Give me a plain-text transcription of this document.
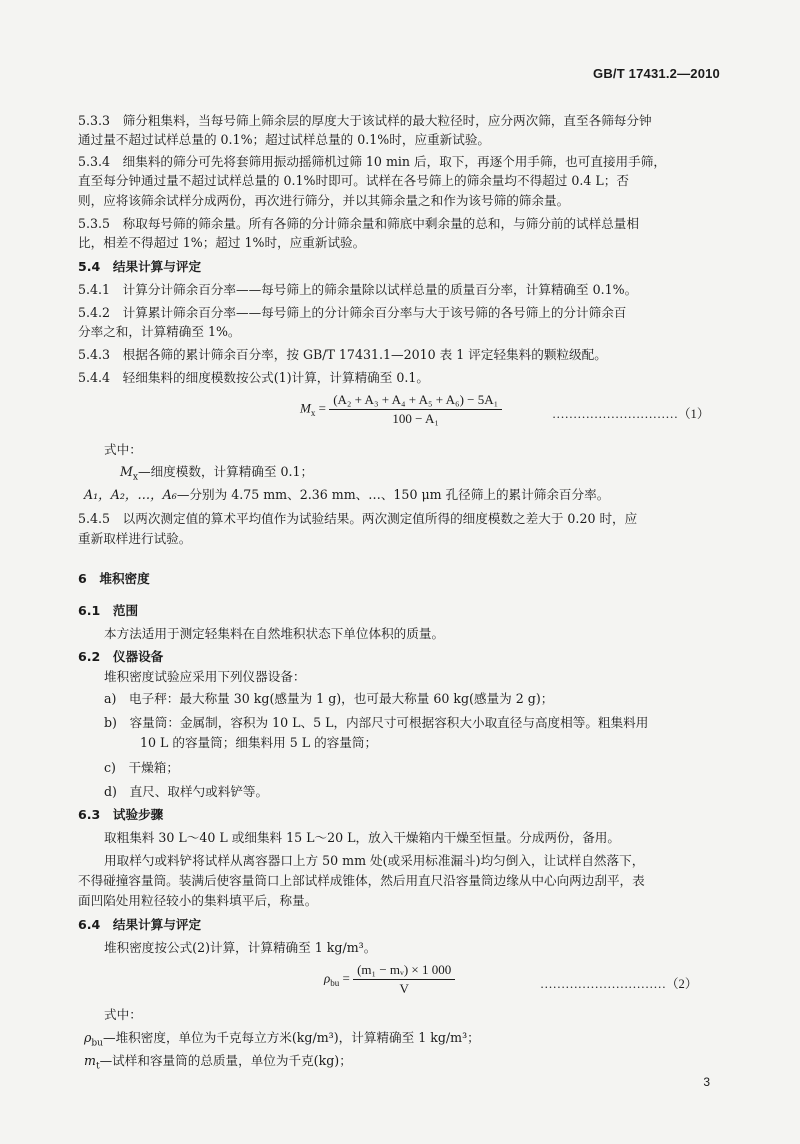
GB/T 17431.2—2010
5.3.3　筛分粗集料，当每号筛上筛余层的厚度大于该试样的最大粒径时，应分两次筛，直至各筛每分钟
通过量不超过试样总量的 0.1%；超过试样总量的 0.1%时，应重新试验。
5.3.4　细集料的筛分可先将套筛用振动摇筛机过筛 10 min 后，取下，再逐个用手筛，也可直接用手筛，
直至每分钟通过量不超过试样总量的 0.1%时即可。试样在各号筛上的筛余量均不得超过 0.4 L；否
则，应将该筛余试样分成两份，再次进行筛分，并以其筛余量之和作为该号筛的筛余量。
5.3.5　称取每号筛的筛余量。所有各筛的分计筛余量和筛底中剩余量的总和，与筛分前的试样总量相
比，相差不得超过 1%；超过 1%时，应重新试验。
5.4　结果计算与评定
5.4.1　计算分计筛余百分率——每号筛上的筛余量除以试样总量的质量百分率，计算精确至 0.1%。
5.4.2　计算累计筛余百分率——每号筛上的分计筛余百分率与大于该号筛的各号筛上的分计筛余百
分率之和，计算精确至 1%。
5.4.3　根据各筛的累计筛余百分率，按 GB/T 17431.1—2010 表 1 评定轻集料的颗粒级配。
5.4.4　轻细集料的细度模数按公式(1)计算，计算精确至 0.1。
$M_x = \frac{\text{(A₂ + A₃ + A₄ + A₅ + A₆) − 5A₁}}{\text{100 − A₁}}$	…………………………（1）
式中：
$M_x—$细度模数，计算精确至 0.1；
A₁，A₂，…，A₆—分别为 4.75 mm、2.36 mm、…、150 μm 孔径筛上的累计筛余百分率。
5.4.5　以两次测定值的算术平均值作为试验结果。两次测定值所得的细度模数之差大于 0.20 时，应
重新取样进行试验。
6　堆积密度
6.1　范围
本方法适用于测定轻集料在自然堆积状态下单位体积的质量。
6.2　仪器设备
堆积密度试验应采用下列仪器设备：
a)　电子秤：最大称量 30 kg(感量为 1 g)，也可最大称量 60 kg(感量为 2 g)；
b)　容量筒：金属制，容积为 10 L、5 L，内部尺寸可根据容积大小取直径与高度相等。粗集料用
10 L 的容量筒；细集料用 5 L 的容量筒；
c)　干燥箱；
d)　直尺、取样勺或料铲等。
6.3　试验步骤
取粗集料 30 L～40 L 或细集料 15 L～20 L，放入干燥箱内干燥至恒量。分成两份，备用。
用取样勺或料铲将试样从离容器口上方 50 mm 处(或采用标准漏斗)均匀倒入，让试样自然落下，
不得碰撞容量筒。装满后使容量筒口上部试样成锥体，然后用直尺沿容量筒边缘从中心向两边刮平，表
面凹陷处用粒径较小的集料填平后，称量。
6.4　结果计算与评定
堆积密度按公式(2)计算，计算精确至 1 kg/m³。
$\rho_{bu} = \frac{\text{(m₁ − mᵥ) × 1 000}}{V}$	…………………………（2）
式中：
$\rho_{bu}—$堆积密度，单位为千克每立方米(kg/m³)，计算精确至 1 kg/m³；
$m_t—$试样和容量筒的总质量，单位为千克(kg)；
3
